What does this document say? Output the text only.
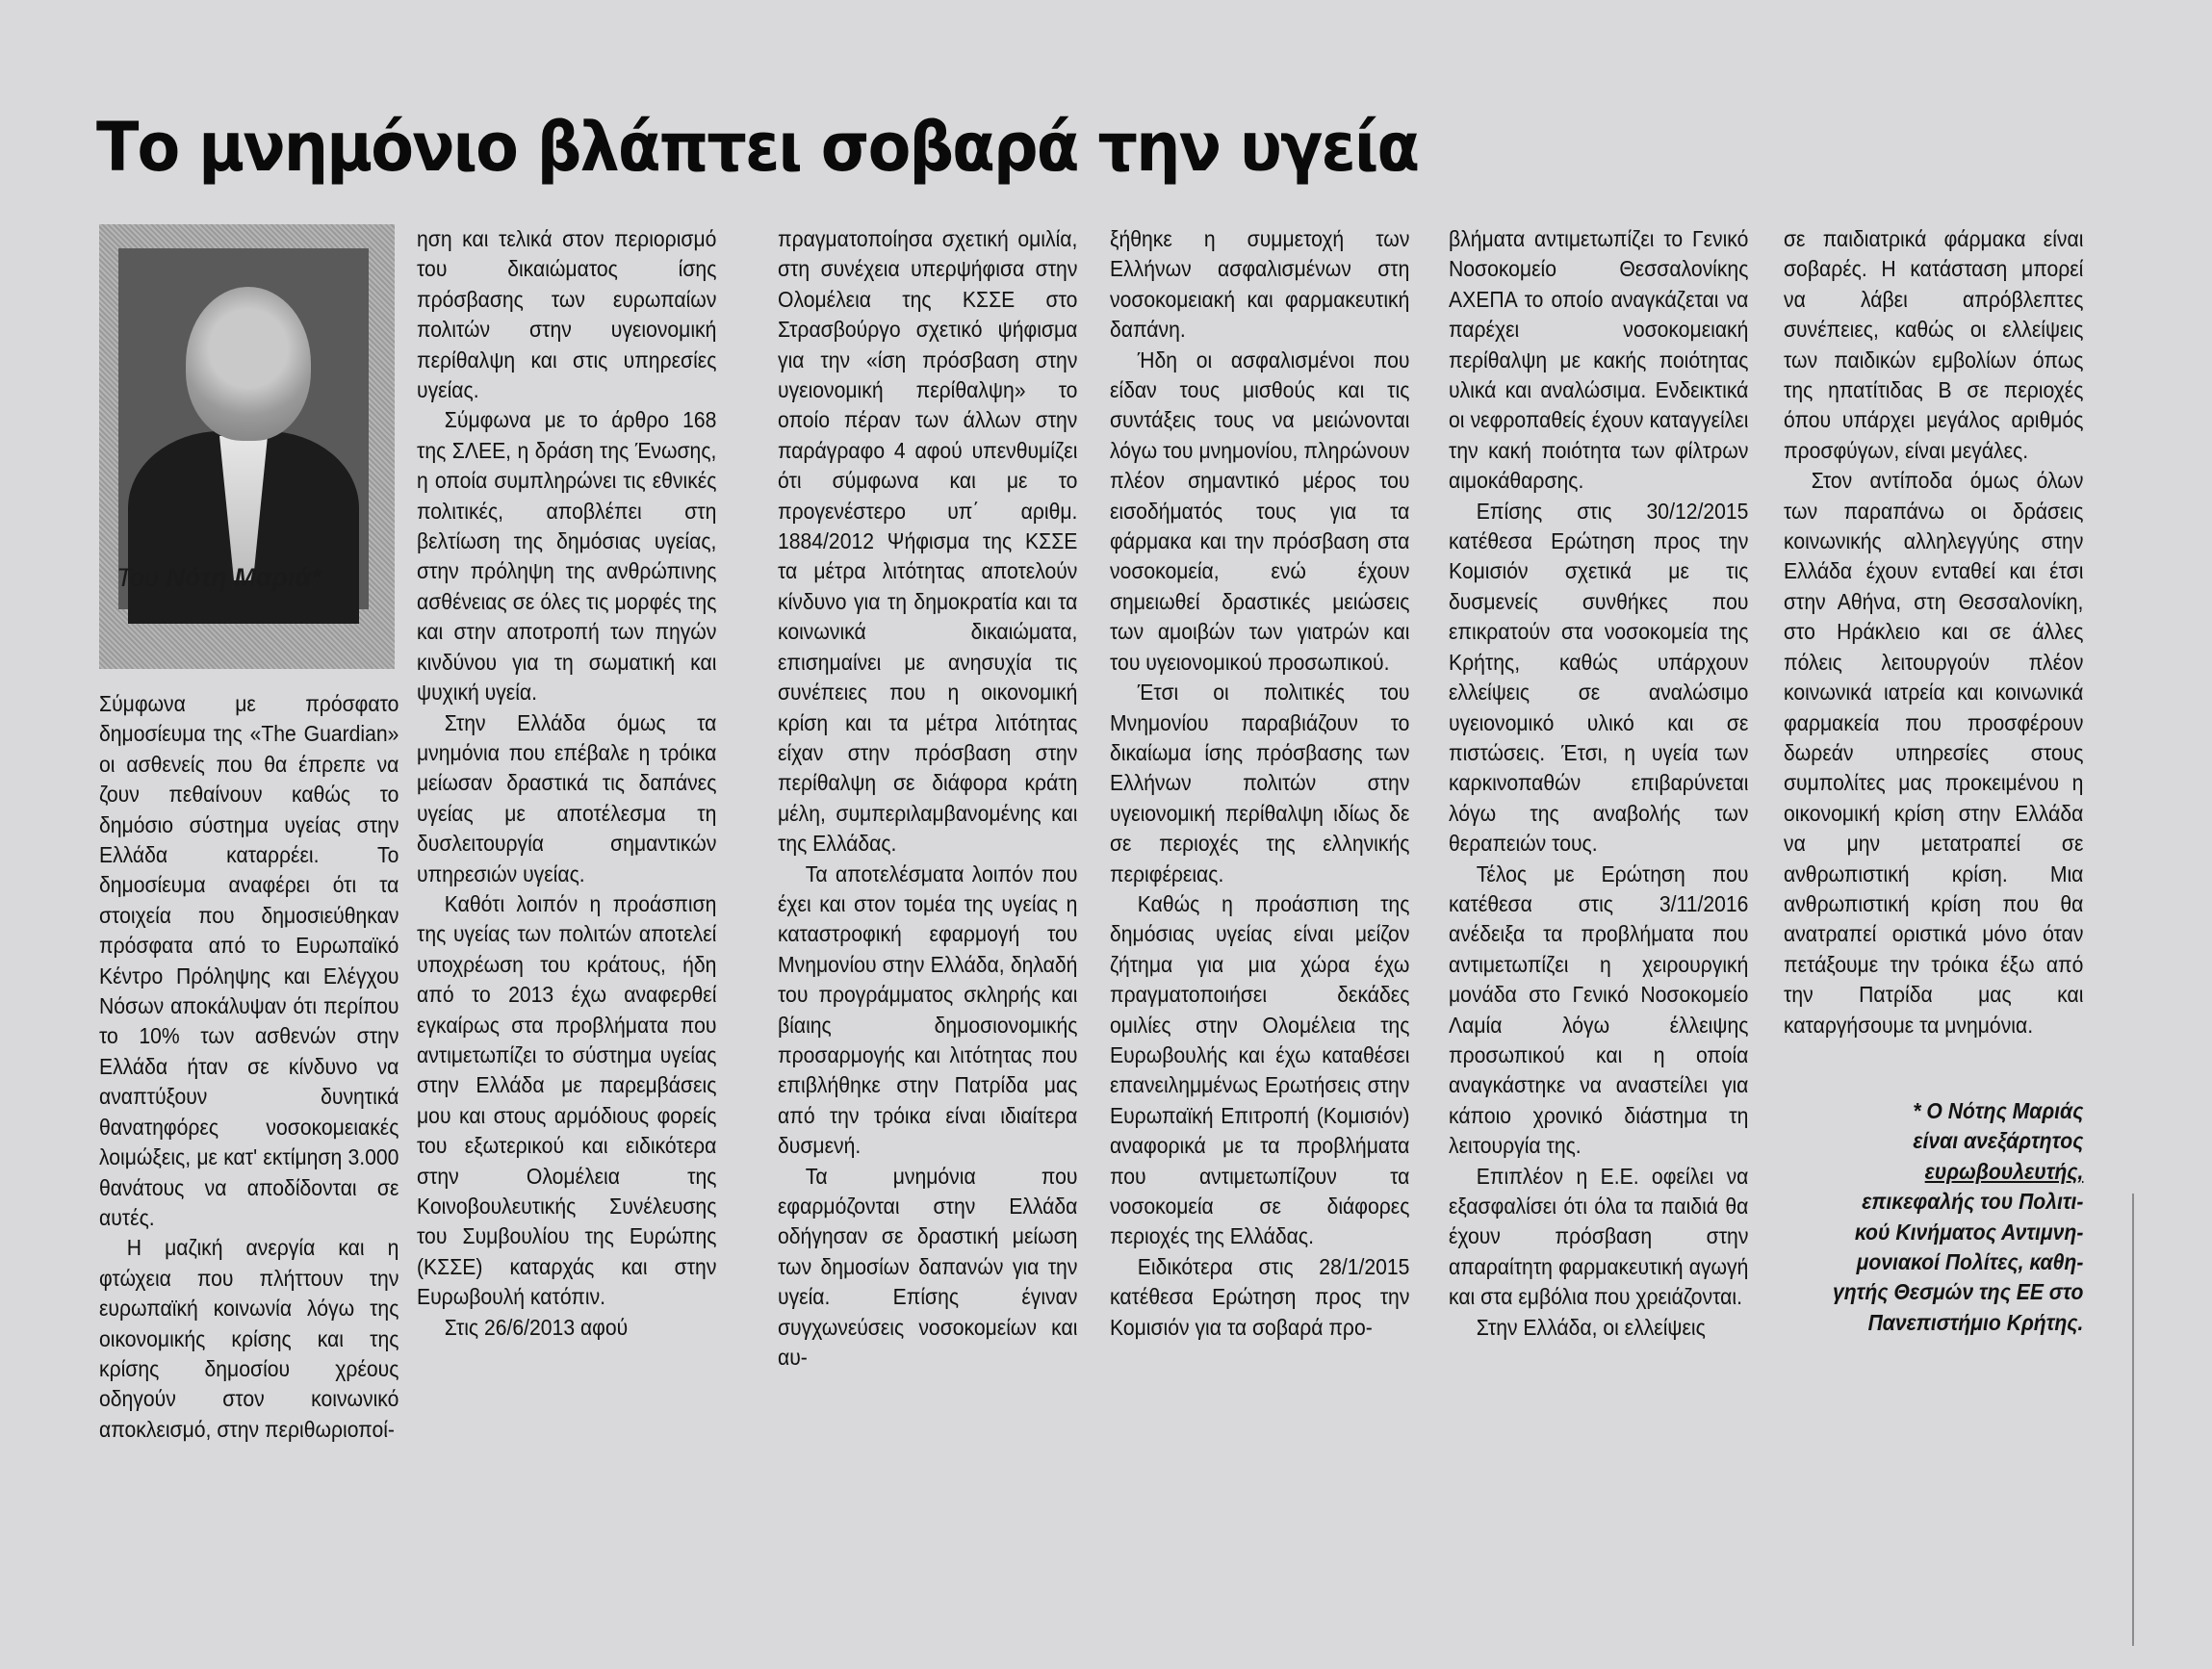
Το μνημόνιο βλάπτει σοβαρά την υγεία
Του Νότη Μαριά*

Σύμφωνα με πρόσφατο δημοσίευμα της «The Guardian» οι ασθενείς που θα έπρεπε να ζουν πεθαίνουν καθώς το δημόσιο σύστημα υγείας στην Ελλάδα καταρρέει. Το δημοσίευμα αναφέρει ότι τα στοιχεία που δημοσιεύθηκαν πρόσφατα από το Ευρωπαϊκό Κέντρο Πρόληψης και Ελέγχου Νόσων αποκάλυψαν ότι περίπου το 10% των ασθενών στην Ελλάδα ήταν σε κίνδυνο να αναπτύξουν δυνητικά θανατηφόρες νοσοκομειακές λοιμώξεις, με κατ' εκτίμηση 3.000 θανάτους να αποδίδονται σε αυτές.

Η μαζική ανεργία και η φτώχεια που πλήττουν την ευρωπαϊκή κοινωνία λόγω της οικονομικής κρίσης και της κρίσης δημοσίου χρέους οδηγούν στον κοινωνικό αποκλεισμό, στην περιθωριοποί-

ηση και τελικά στον περιορισμό του δικαιώματος ίσης πρόσβασης των ευρωπαίων πολιτών στην υγειονομική περίθαλψη και στις υπηρεσίες υγείας.

Σύμφωνα με το άρθρο 168 της ΣΛΕΕ, η δράση της Ένωσης, η οποία συμπληρώνει τις εθνικές πολιτικές, αποβλέπει στη βελτίωση της δημόσιας υγείας, στην πρόληψη της ανθρώπινης ασθένειας σε όλες τις μορφές της και στην αποτροπή των πηγών κινδύνου για τη σωματική και ψυχική υγεία.

Στην Ελλάδα όμως τα μνημόνια που επέβαλε η τρόικα μείωσαν δραστικά τις δαπάνες υγείας με αποτέλεσμα τη δυσλειτουργία σημαντικών υπηρεσιών υγείας.

Καθότι λοιπόν η προάσπιση της υγείας των πολιτών αποτελεί υποχρέωση του κράτους, ήδη από το 2013 έχω αναφερθεί εγκαίρως στα προβλήματα που αντιμετωπίζει το σύστημα υγείας στην Ελλάδα με παρεμβάσεις μου και στους αρμόδιους φορείς του εξωτερικού και ειδικότερα στην Ολομέλεια της Κοινοβουλευτικής Συνέλευσης του Συμβουλίου της Ευρώπης (ΚΣΣΕ) καταρχάς και στην Ευρωβουλή κατόπιν.

Στις 26/6/2013 αφού

πραγματοποίησα σχετική ομιλία, στη συνέχεια υπερψήφισα στην Ολομέλεια της ΚΣΣΕ στο Στρασβούργο σχετικό ψήφισμα για την «ίση πρόσβαση στην υγειονομική περίθαλψη» το οποίο πέραν των άλλων στην παράγραφο 4 αφού υπενθυμίζει ότι σύμφωνα και με το προγενέστερο υπ΄ αριθμ. 1884/2012 Ψήφισμα της ΚΣΣΕ τα μέτρα λιτότητας αποτελούν κίνδυνο για τη δημοκρατία και τα κοινωνικά δικαιώματα, επισημαίνει με ανησυχία τις συνέπειες που η οικονομική κρίση και τα μέτρα λιτότητας είχαν στην πρόσβαση στην περίθαλψη σε διάφορα κράτη μέλη, συμπεριλαμβανομένης και της Ελλάδας.

Τα αποτελέσματα λοιπόν που έχει και στον τομέα της υγείας η καταστροφική εφαρμογή του Μνημονίου στην Ελλάδα, δηλαδή του προγράμματος σκληρής και βίαιης δημοσιονομικής προσαρμογής και λιτότητας που επιβλήθηκε στην Πατρίδα μας από την τρόικα είναι ιδιαίτερα δυσμενή.

Τα μνημόνια που εφαρμόζονται στην Ελλάδα οδήγησαν σε δραστική μείωση των δημοσίων δαπανών για την υγεία. Επίσης έγιναν συγχωνεύσεις νοσοκομείων και αυ-

ξήθηκε η συμμετοχή των Ελλήνων ασφαλισμένων στη νοσοκομειακή και φαρμακευτική δαπάνη.

Ήδη οι ασφαλισμένοι που είδαν τους μισθούς και τις συντάξεις τους να μειώνονται λόγω του μνημονίου, πληρώνουν πλέον σημαντικό μέρος του εισοδήματός τους για τα φάρμακα και την πρόσβαση στα νοσοκομεία, ενώ έχουν σημειωθεί δραστικές μειώσεις των αμοιβών των γιατρών και του υγειονομικού προσωπικού.

Έτσι οι πολιτικές του Μνημονίου παραβιάζουν το δικαίωμα ίσης πρόσβασης των Ελλήνων πολιτών στην υγειονομική περίθαλψη ιδίως δε σε περιοχές της ελληνικής περιφέρειας.

Καθώς η προάσπιση της δημόσιας υγείας είναι μείζον ζήτημα για μια χώρα έχω πραγματοποιήσει δεκάδες ομιλίες στην Ολομέλεια της Ευρωβουλής και έχω καταθέσει επανειλημμένως Ερωτήσεις στην Ευρωπαϊκή Επιτροπή (Κομισιόν) αναφορικά με τα προβλήματα που αντιμετωπίζουν τα νοσοκομεία σε διάφορες περιοχές της Ελλάδας.

Ειδικότερα στις 28/1/2015 κατέθεσα Ερώτηση προς την Κομισιόν για τα σοβαρά προ-

βλήματα αντιμετωπίζει το Γενικό Νοσοκομείο Θεσσαλονίκης ΑΧΕΠΑ το οποίο αναγκάζεται να παρέχει νοσοκομειακή περίθαλψη με κακής ποιότητας υλικά και αναλώσιμα. Ενδεικτικά οι νεφροπαθείς έχουν καταγγείλει την κακή ποιότητα των φίλτρων αιμοκάθαρσης.

Επίσης στις 30/12/2015 κατέθεσα Ερώτηση προς την Κομισιόν σχετικά με τις δυσμενείς συνθήκες που επικρατούν στα νοσοκομεία της Κρήτης, καθώς υπάρχουν ελλείψεις σε αναλώσιμο υγειονομικό υλικό και σε πιστώσεις. Έτσι, η υγεία των καρκινοπαθών επιβαρύνεται λόγω της αναβολής των θεραπειών τους.

Τέλος με Ερώτηση που κατέθεσα στις 3/11/2016 ανέδειξα τα προβλήματα που αντιμετωπίζει η χειρουργική μονάδα στο Γενικό Νοσοκομείο Λαμία λόγω έλλειψης προσωπικού και η οποία αναγκάστηκε να αναστείλει για κάποιο χρονικό διάστημα τη λειτουργία της.

Επιπλέον η Ε.Ε. οφείλει να εξασφαλίσει ότι όλα τα παιδιά θα έχουν πρόσβαση στην απαραίτητη φαρμακευτική αγωγή και στα εμβόλια που χρειάζονται.

Στην Ελλάδα, οι ελλείψεις

σε παιδιατρικά φάρμακα είναι σοβαρές. Η κατάσταση μπορεί να λάβει απρόβλεπτες συνέπειες, καθώς οι ελλείψεις των παιδικών εμβολίων όπως της ηπατίτιδας Β σε περιοχές όπου υπάρχει μεγάλος αριθμός προσφύγων, είναι μεγάλες.

Στον αντίποδα όμως όλων των παραπάνω οι δράσεις κοινωνικής αλληλεγγύης στην Ελλάδα έχουν ενταθεί και έτσι στην Αθήνα, στη Θεσσαλονίκη, στο Ηράκλειο και σε άλλες πόλεις λειτουργούν πλέον κοινωνικά ιατρεία και κοινωνικά φαρμακεία που προσφέρουν δωρεάν υπηρεσίες στους συμπολίτες μας προκειμένου η οικονομική κρίση στην Ελλάδα να μην μετατραπεί σε ανθρωπιστική κρίση. Μια ανθρωπιστική κρίση που θα ανατραπεί οριστικά μόνο όταν πετάξουμε την τρόικα έξω από την Πατρίδα μας και καταργήσουμε τα μνημόνια.

* Ο Νότης Μαριάς

είναι ανεξάρτητος

ευρωβουλευτής,

επικεφαλής του Πολιτι-

κού Κινήματος Αντιμνη-

μονιακοί Πολίτες, καθη-

γητής Θεσμών της ΕΕ στο

Πανεπιστήμιο Κρήτης.
